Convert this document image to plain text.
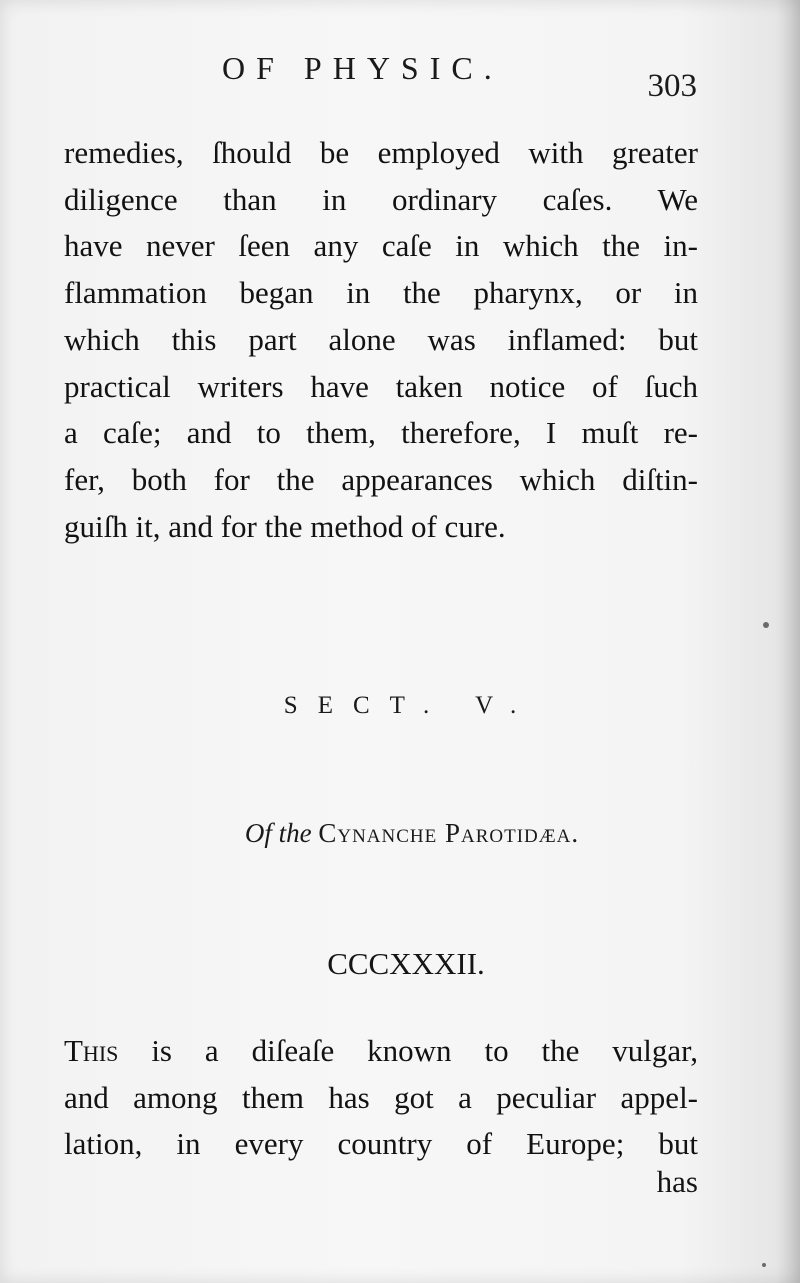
OF PHYSIC.	303
remedies, ſhould be employed with greater
diligence than in ordinary caſes. We
have never ſeen any caſe in which the in-
flammation began in the pharynx, or in
which this part alone was inflamed: but
practical writers have taken notice of ſuch
a caſe; and to them, therefore, I muſt re-
fer, both for the appearances which diſtin-
guiſh it, and for the method of cure.
SECT. V.
Of the Cynanche Parotidæa.
CCCXXXII.
This is a diſeaſe known to the vulgar,
and among them has got a peculiar appel-
lation, in every country of Europe; but
has
